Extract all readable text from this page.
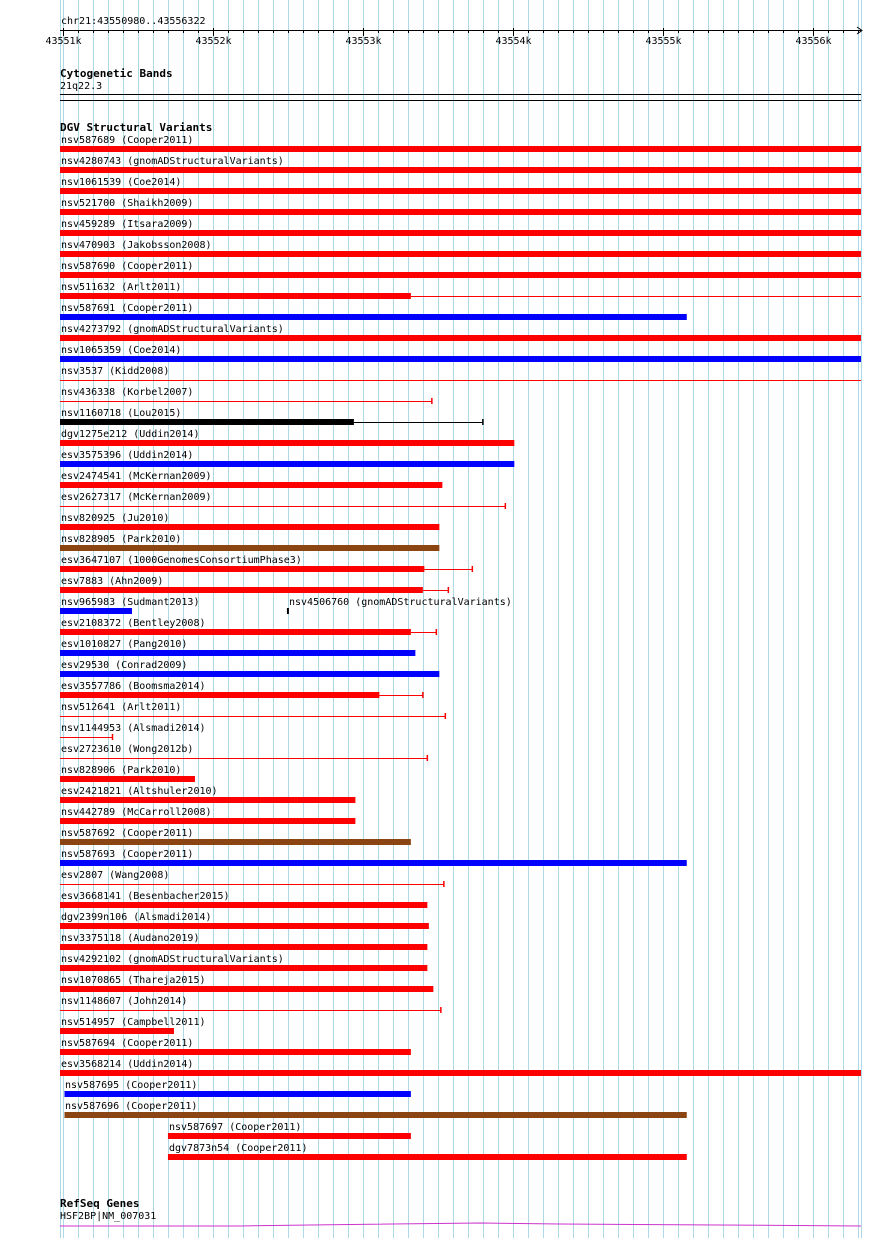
chr21:43550980..43556322
43551k	43552k	43553k	43554k	43555k	43556k
Cytogenetic Bands
21q22.3
DGV Structural Variants
nsv587689 (Cooper2011)
nsv4280743 (gnomADStructuralVariants)
nsv1061539 (Coe2014)
nsv521700 (Shaikh2009)
nsv459289 (Itsara2009)
nsv470903 (Jakobsson2008)
nsv587690 (Cooper2011)
nsv511632 (Arlt2011)
nsv587691 (Cooper2011)
nsv4273792 (gnomADStructuralVariants)
nsv1065359 (Coe2014)
nsv3537 (Kidd2008)
nsv436338 (Korbel2007)
nsv1160718 (Lou2015)
dgv1275e212 (Uddin2014)
esv3575396 (Uddin2014)
esv2474541 (McKernan2009)
esv2627317 (McKernan2009)
nsv820925 (Ju2010)
nsv828905 (Park2010)
esv3647107 (1000GenomesConsortiumPhase3)
esv7883 (Ahn2009)
nsv965983 (Sudmant2013)	nsv4506760 (gnomADStructuralVariants)
esv2108372 (Bentley2008)
esv1010827 (Pang2010)
esv29530 (Conrad2009)
esv3557786 (Boomsma2014)
nsv512641 (Arlt2011)
nsv1144953 (Alsmadi2014)
esv2723610 (Wong2012b)
nsv828906 (Park2010)
esv2421821 (Altshuler2010)
nsv442789 (McCarroll2008)
nsv587692 (Cooper2011)
nsv587693 (Cooper2011)
esv2807 (Wang2008)
esv3668141 (Besenbacher2015)
dgv2399n106 (Alsmadi2014)
nsv3375118 (Audano2019)
nsv4292102 (gnomADStructuralVariants)
nsv1070865 (Thareja2015)
nsv1148607 (John2014)
nsv514957 (Campbell2011)
nsv587694 (Cooper2011)
esv3568214 (Uddin2014)
nsv587695 (Cooper2011)
nsv587696 (Cooper2011)
nsv587697 (Cooper2011)
dgv7873n54 (Cooper2011)
RefSeq Genes
HSF2BP|NM_007031
